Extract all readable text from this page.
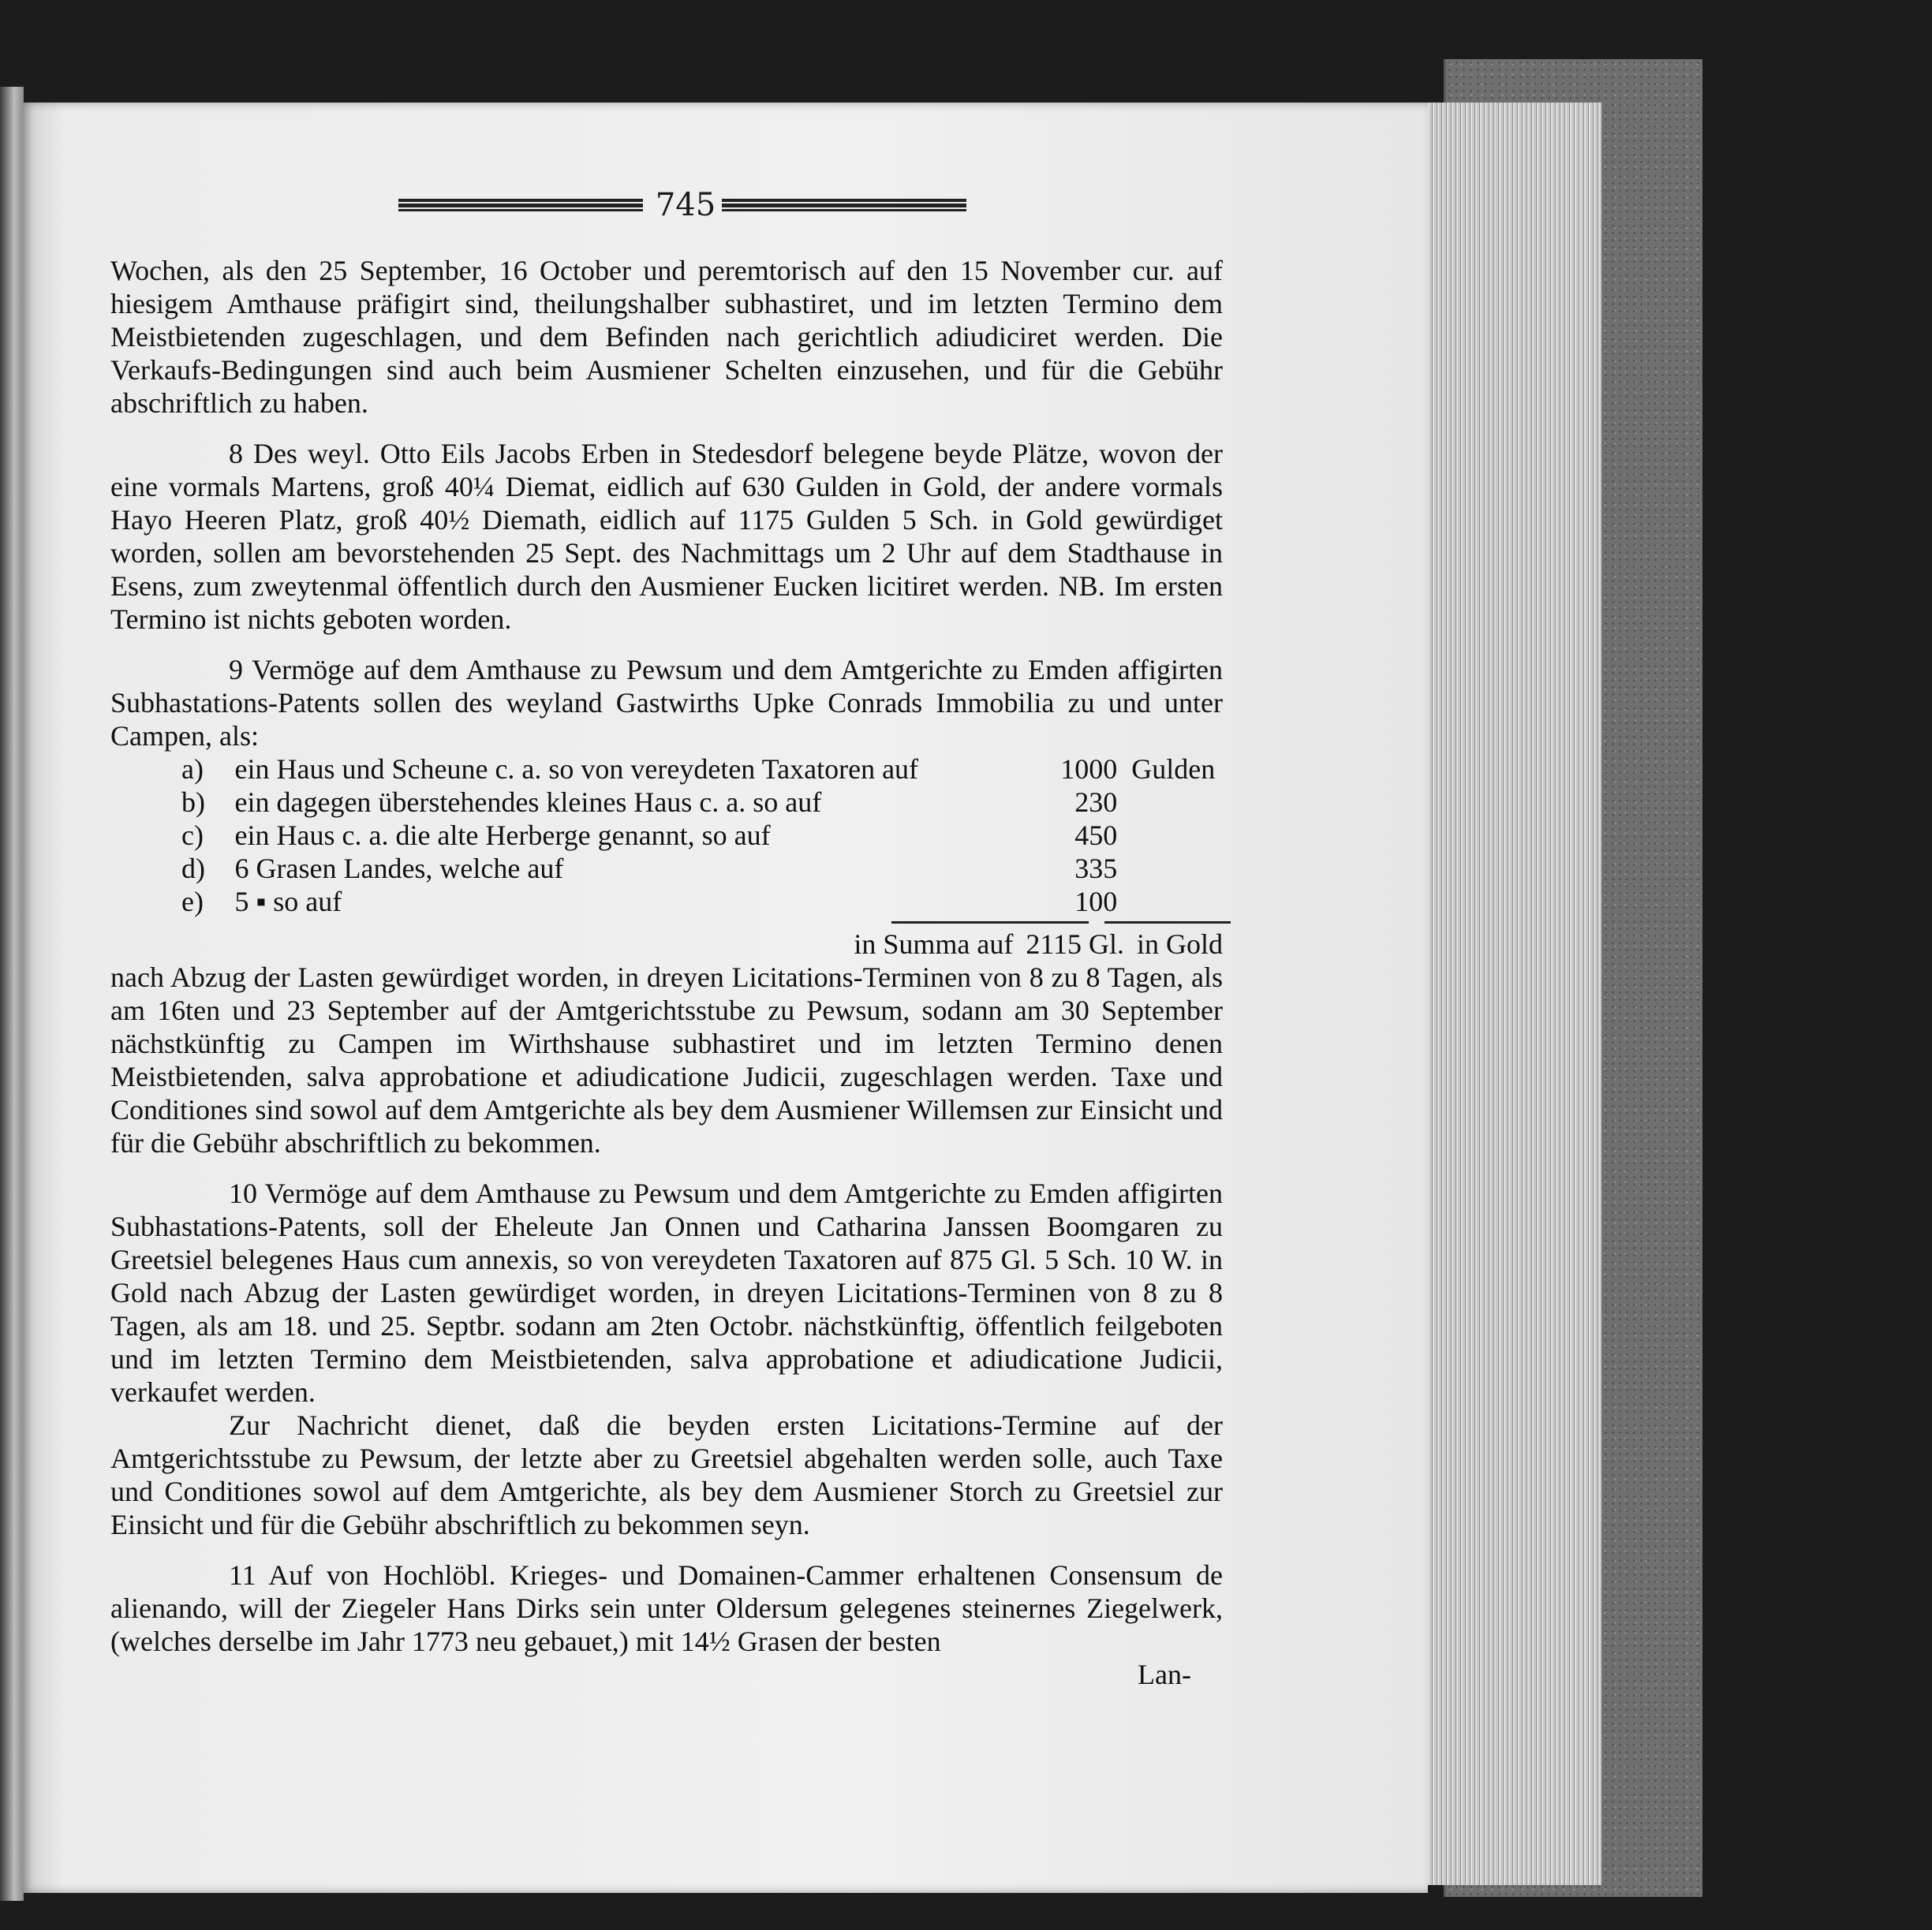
745

Wochen, als den 25 September, 16 October und peremtorisch auf den 15 November cur. auf hiesigem Amthause präfigirt sind, theilungshalber subhastiret, und im letzten Termino dem Meistbietenden zugeschlagen, und dem Befinden nach gerichtlich adiudiciret werden. Die Verkaufs-Bedingungen sind auch beim Ausmiener Schelten einzusehen, und für die Gebühr abschriftlich zu haben.

8 Des weyl. Otto Eils Jacobs Erben in Stedesdorf belegene beyde Plätze, wovon der eine vormals Martens, groß 40¼ Diemat, eidlich auf 630 Gulden in Gold, der andere vormals Hayo Heeren Platz, groß 40½ Diemath, eidlich auf 1175 Gulden 5 Sch. in Gold gewürdiget worden, sollen am bevorstehenden 25 Sept. des Nachmittags um 2 Uhr auf dem Stadthause in Esens, zum zweytenmal öffentlich durch den Ausmiener Eucken licitiret werden. NB. Im ersten Termino ist nichts geboten worden.

9 Vermöge auf dem Amthause zu Pewsum und dem Amtgerichte zu Emden affigirten Subhastations-Patents sollen des weyland Gastwirths Upke Conrads Immobilia zu und unter Campen, als:

a)	ein Haus und Scheune c. a. so von vereydeten Taxatoren auf	1000 Gulden
b)	ein dagegen überstehendes kleines Haus c. a. so auf	230
c)	ein Haus c. a. die alte Herberge genannt, so auf	450
d)	6 Grasen Landes, welche auf	335
e)	5 ▪ so auf	100
in Summa auf 2115 Gl. in Gold

nach Abzug der Lasten gewürdiget worden, in dreyen Licitations-Terminen von 8 zu 8 Tagen, als am 16ten und 23 September auf der Amtgerichtsstube zu Pewsum, sodann am 30 September nächstkünftig zu Campen im Wirthshause subhastiret und im letzten Termino denen Meistbietenden, salva approbatione et adiudicatione Judicii, zugeschlagen werden. Taxe und Conditiones sind sowol auf dem Amtgerichte als bey dem Ausmiener Willemsen zur Einsicht und für die Gebühr abschriftlich zu bekommen.

10 Vermöge auf dem Amthause zu Pewsum und dem Amtgerichte zu Emden affigirten Subhastations-Patents, soll der Eheleute Jan Onnen und Catharina Janssen Boomgaren zu Greetsiel belegenes Haus cum annexis, so von vereydeten Taxatoren auf 875 Gl. 5 Sch. 10 W. in Gold nach Abzug der Lasten gewürdiget worden, in dreyen Licitations-Terminen von 8 zu 8 Tagen, als am 18. und 25. Septbr. sodann am 2ten Octobr. nächstkünftig, öffentlich feilgeboten und im letzten Termino dem Meistbietenden, salva approbatione et adiudicatione Judicii, verkaufet werden.

Zur Nachricht dienet, daß die beyden ersten Licitations-Termine auf der Amtgerichtsstube zu Pewsum, der letzte aber zu Greetsiel abgehalten werden solle, auch Taxe und Conditiones sowol auf dem Amtgerichte, als bey dem Ausmiener Storch zu Greetsiel zur Einsicht und für die Gebühr abschriftlich zu bekommen seyn.

11 Auf von Hochlöbl. Krieges- und Domainen-Cammer erhaltenen Consensum de alienando, will der Ziegeler Hans Dirks sein unter Oldersum gelegenes steinernes Ziegelwerk, (welches derselbe im Jahr 1773 neu gebauet,) mit 14½ Grasen der besten

Lan-
